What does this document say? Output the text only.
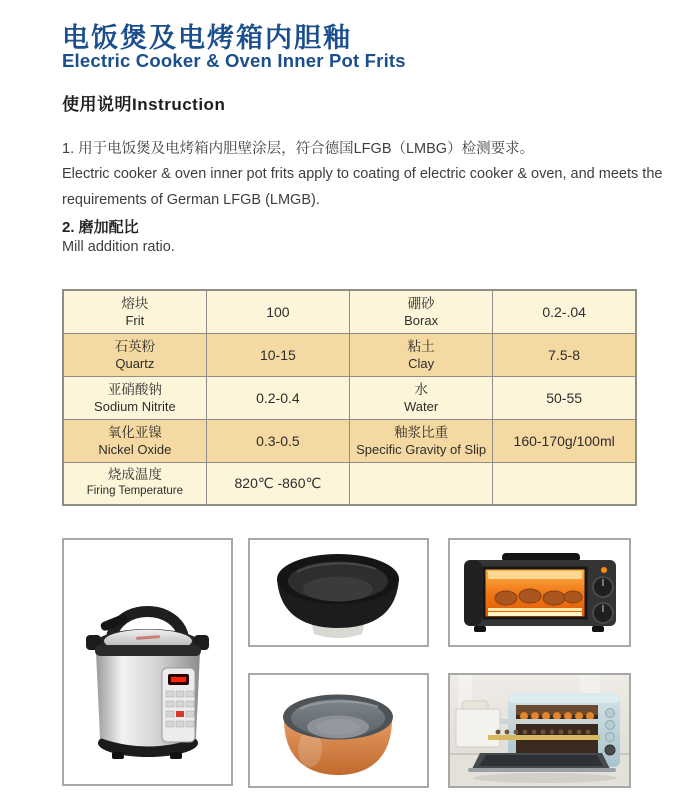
电饭煲及电烤箱内胆釉
Electric Cooker & Oven Inner Pot Frits
使用说明Instruction
1. 用于电饭煲及电烤箱内胆壁涂层，符合德国LFGB（LMBG）检测要求。
Electric cooker & oven inner pot frits apply to coating of electric cooker & oven, and meets the
requirements of German LFGB (LMGB).
2. 磨加配比
Mill addition ratio.
熔块
Frit
	100	
硼砂
Borax
	0.2-.04

石英粉
Quartz
	10-15	
粘土
Clay
	7.5-8

亚硝酸钠
Sodium Nitrite
	0.2-0.4	
水
Water
	50-55

氧化亚镍
Nickel Oxide
	0.3-0.5	
釉浆比重
Specific Gravity of Slip
	160-170g/100ml

烧成温度
Firing Temperature	820℃ -860℃	
